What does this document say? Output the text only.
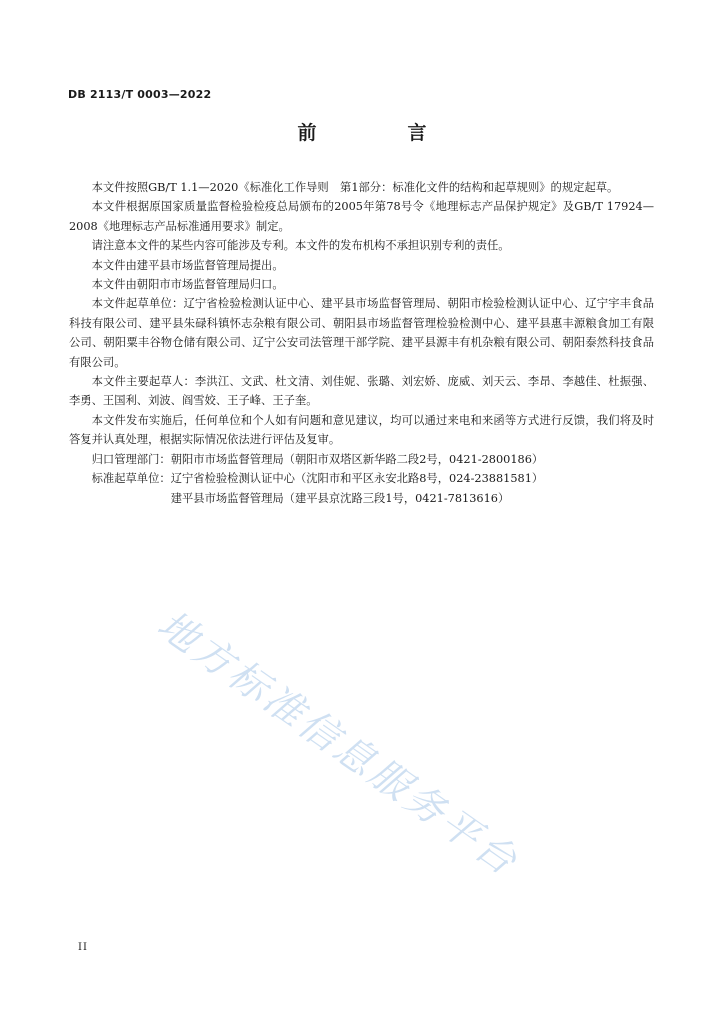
DB 2113/T 0003—2022
前　言

本文件按照GB/T 1.1—2020《标准化工作导则　第1部分：标准化文件的结构和起草规则》的规定起草。

本文件根据原国家质量监督检验检疫总局颁布的2005年第78号令《地理标志产品保护规定》及GB/T 17924—2008《地理标志产品标准通用要求》制定。

请注意本文件的某些内容可能涉及专利。本文件的发布机构不承担识别专利的责任。

本文件由建平县市场监督管理局提出。

本文件由朝阳市市场监督管理局归口。

本文件起草单位：辽宁省检验检测认证中心、建平县市场监督管理局、朝阳市检验检测认证中心、辽宁宇丰食品科技有限公司、建平县朱碌科镇怀志杂粮有限公司、朝阳县市场监督管理检验检测中心、建平县惠丰源粮食加工有限公司、朝阳粟丰谷物仓储有限公司、辽宁公安司法管理干部学院、建平县源丰有机杂粮有限公司、朝阳泰然科技食品有限公司。

本文件主要起草人：李洪江、文武、杜文清、刘佳妮、张璐、刘宏娇、庞威、刘天云、李昂、李越佳、杜振强、李勇、王国利、刘波、阎雪姣、王子峰、王子奎。

本文件发布实施后，任何单位和个人如有问题和意见建议，均可以通过来电和来函等方式进行反馈，我们将及时答复并认真处理，根据实际情况依法进行评估及复审。

归口管理部门： 朝阳市市场监督管理局（朝阳市双塔区新华路二段2号，0421-2800186）
标准起草单位： 辽宁省检验检测认证中心（沈阳市和平区永安北路8号，024-23881581）
建平县市场监督管理局（建平县京沈路三段1号，0421-7813616）
地方标准信息服务平台
II
